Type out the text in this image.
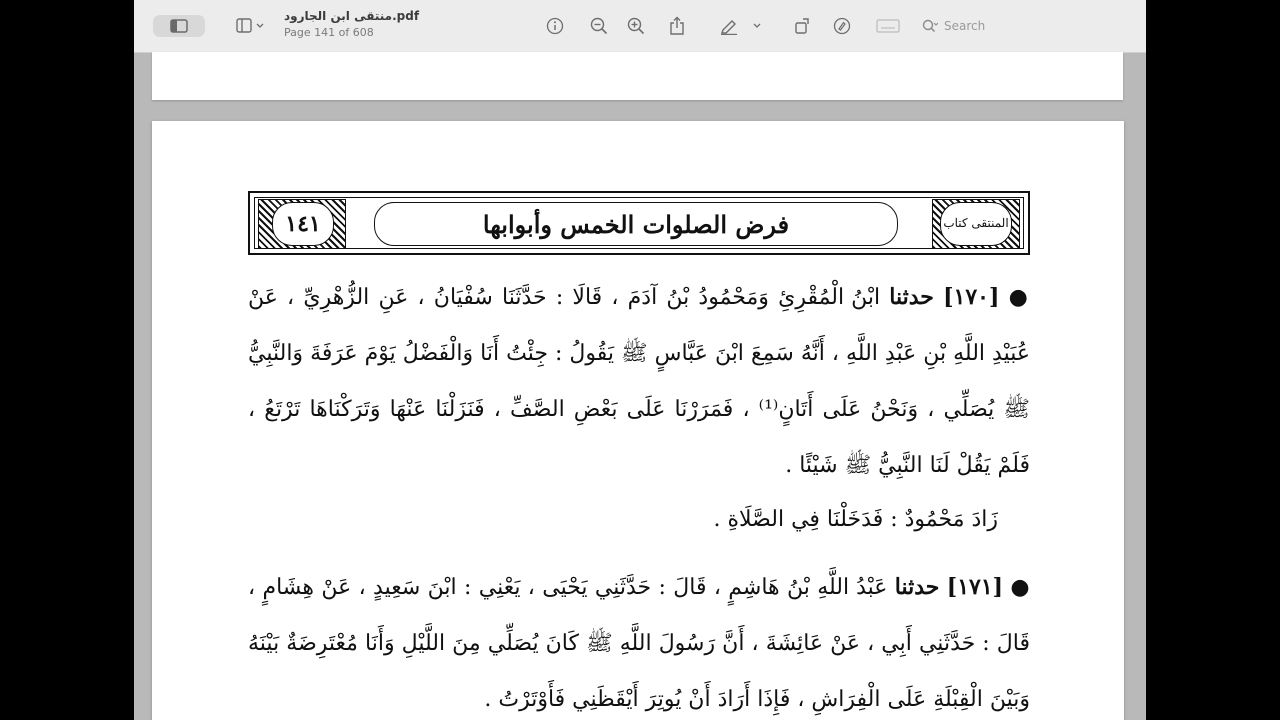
منتقى ابن الجارود.pdf
Page 141 of 608	Search
١٤١	فرض الصلوات الخمس وأبوابها	المنتقى كتاب

● [١٧٠] حدثنا ابْنُ الْمُقْرِئِ وَمَحْمُودُ بْنُ آدَمَ ، قَالَا : حَدَّثَنَا سُفْيَانُ ، عَنِ الزُّهْرِيِّ ، عَنْ عُبَيْدِ اللَّهِ بْنِ عَبْدِ اللَّهِ ، أَنَّهُ سَمِعَ ابْنَ عَبَّاسٍ ﷺ يَقُولُ : جِئْتُ أَنَا وَالْفَضْلُ يَوْمَ عَرَفَةَ وَالنَّبِيُّ ﷺ يُصَلِّي ، وَنَحْنُ عَلَى أَتَانٍ⁽¹⁾ ، فَمَرَرْنَا عَلَى بَعْضِ الصَّفِّ ، فَنَزَلْنَا عَنْهَا وَتَرَكْنَاهَا تَرْتَعُ ، فَلَمْ يَقُلْ لَنَا النَّبِيُّ ﷺ شَيْئًا .

زَادَ مَحْمُودٌ : فَدَخَلْنَا فِي الصَّلَاةِ .

● [١٧١] حدثنا عَبْدُ اللَّهِ بْنُ هَاشِمٍ ، قَالَ : حَدَّثَنِي يَحْيَى ، يَعْنِي : ابْنَ سَعِيدٍ ، عَنْ هِشَامٍ ، قَالَ : حَدَّثَنِي أَبِي ، عَنْ عَائِشَةَ ، أَنَّ رَسُولَ اللَّهِ ﷺ كَانَ يُصَلِّي مِنَ اللَّيْلِ وَأَنَا مُعْتَرِضَةٌ بَيْنَهُ وَبَيْنَ الْقِبْلَةِ عَلَى الْفِرَاشِ ، فَإِذَا أَرَادَ أَنْ يُوتِرَ أَيْقَظَنِي فَأَوْتَرْتُ .
